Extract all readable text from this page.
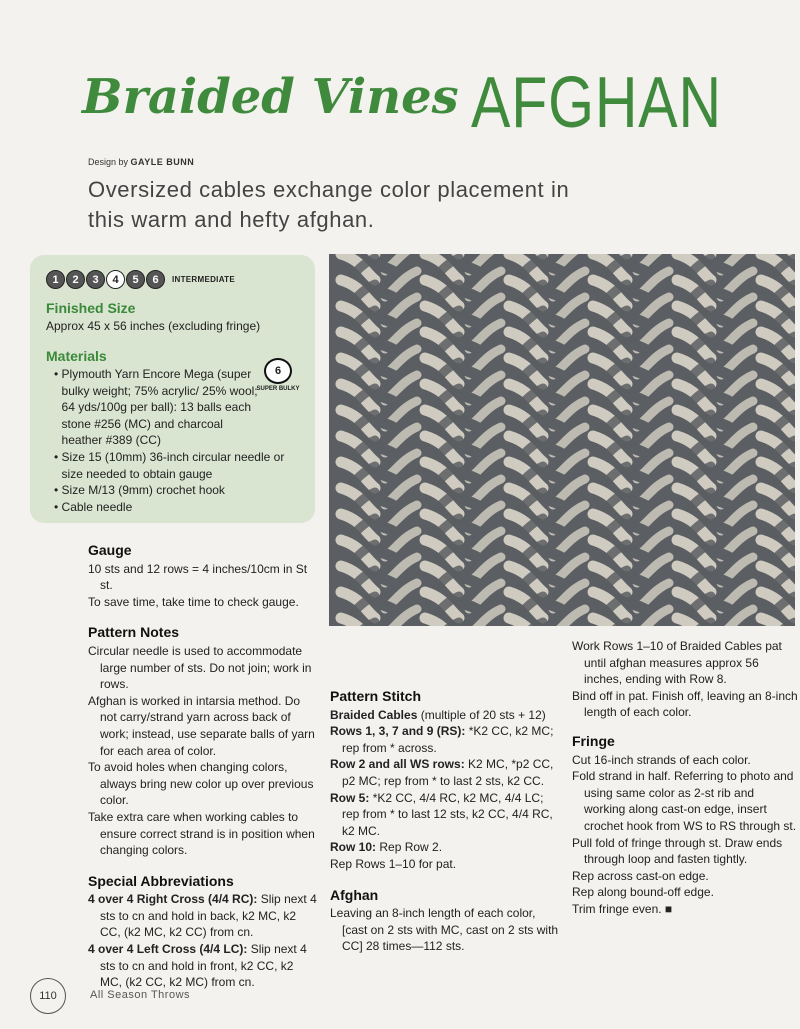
Braided Vines AFGHAN
Design by GAYLE BUNN
Oversized cables exchange color placement in this warm and hefty afghan.
1	2	3	4	5	6	INTERMEDIATE
Finished Size
Approx 45 x 56 inches (excluding fringe)
Materials
• Plymouth Yarn Encore Mega (super bulky weight; 75% acrylic/ 25% wool; 64 yds/100g per ball): 13 balls each stone #256 (MC) and charcoal heather #389 (CC)
• Size 15 (10mm) 36-inch circular needle or size needed to obtain gauge
• Size M/13 (9mm) crochet hook
• Cable needle
6
SUPER BULKY
Gauge

10 sts and 12 rows = 4 inches/10cm in St st.

To save time, take time to check gauge.

Pattern Notes

Circular needle is used to accommodate large number of sts. Do not join; work in rows.

Afghan is worked in intarsia method. Do not carry/strand yarn across back of work; instead, use separate balls of yarn for each area of color.

To avoid holes when changing colors, always bring new color up over previous color.

Take extra care when working cables to ensure correct strand is in position when changing colors.

Special Abbreviations

4 over 4 Right Cross (4/4 RC): Slip next 4 sts to cn and hold in back, k2 MC, k2 CC, (k2 MC, k2 CC) from cn.

4 over 4 Left Cross (4/4 LC): Slip next 4 sts to cn and hold in front, k2 CC, k2 MC, (k2 CC, k2 MC) from cn.

Pattern Stitch

Braided Cables (multiple of 20 sts + 12)

Rows 1, 3, 7 and 9 (RS): *K2 CC, k2 MC; rep from * across.

Row 2 and all WS rows: K2 MC, *p2 CC, p2 MC; rep from * to last 2 sts, k2 CC.

Row 5: *K2 CC, 4/4 RC, k2 MC, 4/4 LC; rep from * to last 12 sts, k2 CC, 4/4 RC, k2 MC.

Row 10: Rep Row 2.

Rep Rows 1–10 for pat.

Afghan

Leaving an 8-inch length of each color, [cast on 2 sts with MC, cast on 2 sts with CC] 28 times—112 sts.

Work Rows 1–10 of Braided Cables pat until afghan measures approx 56 inches, ending with Row 8.

Bind off in pat. Finish off, leaving an 8-inch length of each color.

Fringe

Cut 16-inch strands of each color.

Fold strand in half. Referring to photo and using same color as 2-st rib and working along cast-on edge, insert crochet hook from WS to RS through st.

Pull fold of fringe through st. Draw ends through loop and fasten tightly.

Rep across cast-on edge.

Rep along bound-off edge.

Trim fringe even. ■

110	All Season Throws
